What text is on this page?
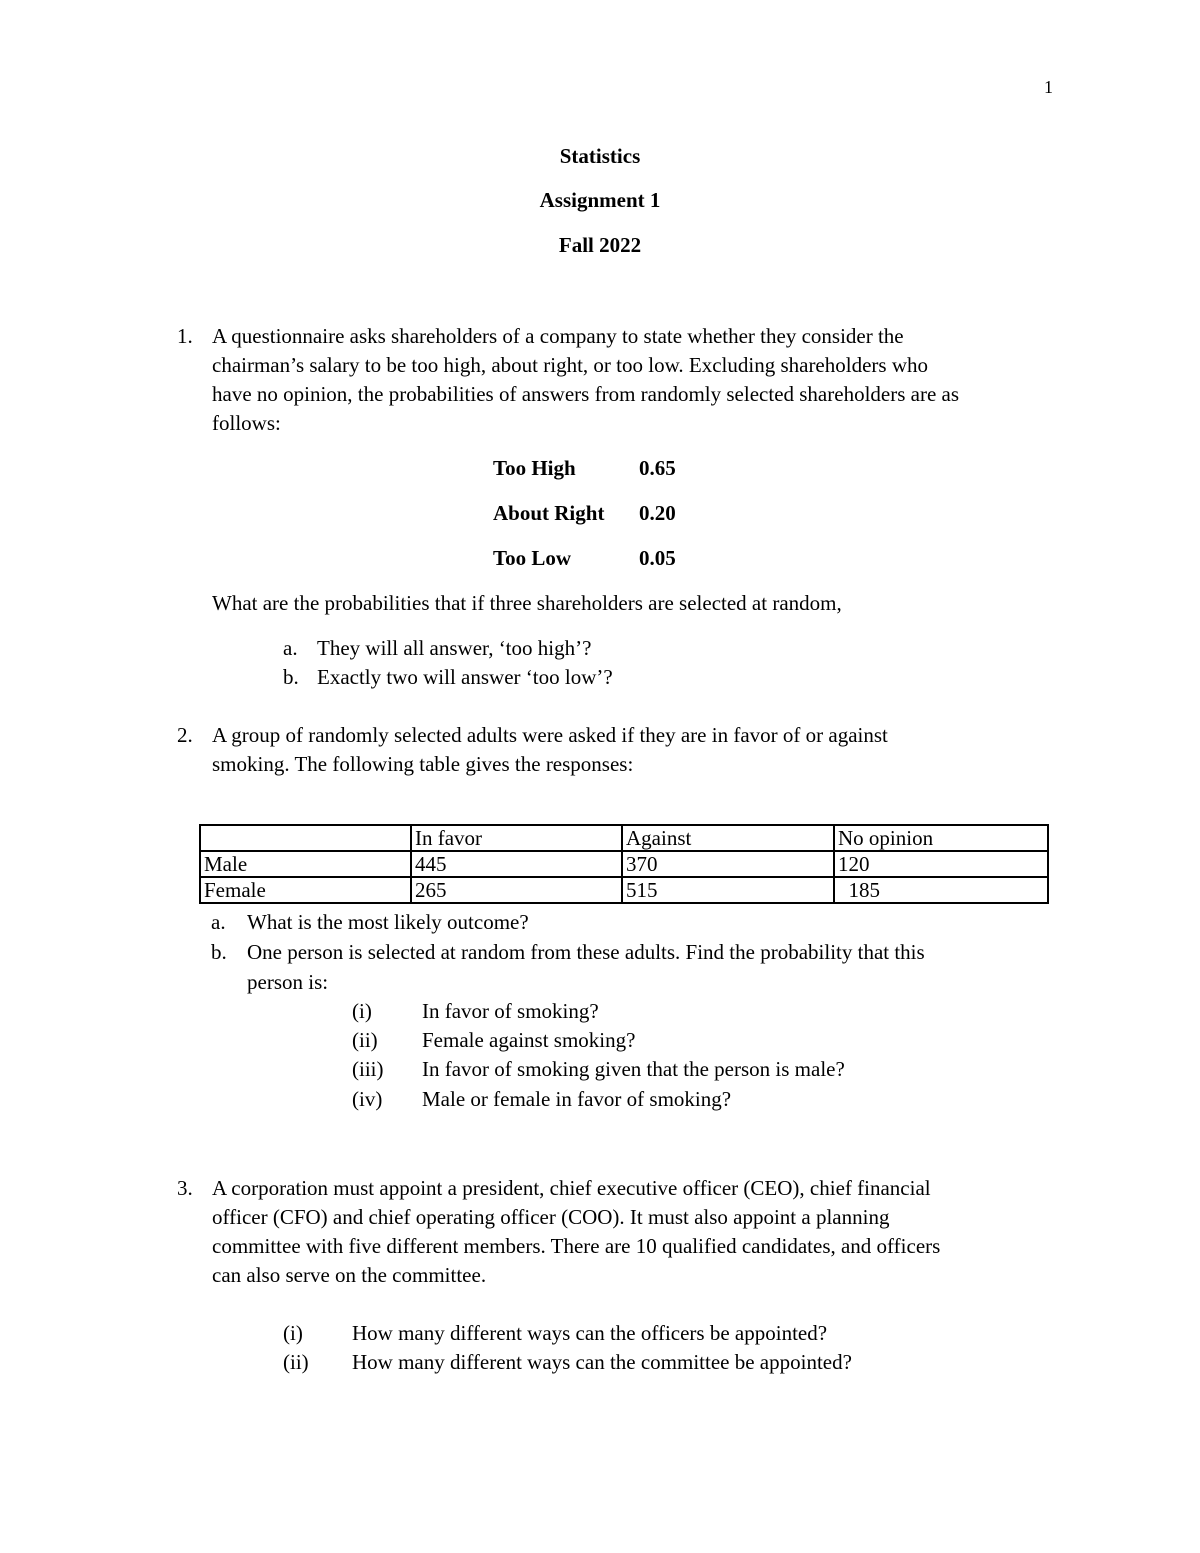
1
Statistics
Assignment 1
Fall 2022
1. A questionnaire asks shareholders of a company to state whether they consider the
chairman’s salary to be too high, about right, or too low. Excluding shareholders who
have no opinion, the probabilities of answers from randomly selected shareholders are as
follows:
Too High	0.65
About Right	0.20
Too Low	0.05
What are the probabilities that if three shareholders are selected at random,
a. They will all answer, ‘too high’?
b. Exactly two will answer ‘too low’?
2. A group of randomly selected adults were asked if they are in favor of or against
smoking. The following table gives the responses:
	In favor	Against	No opinion
Male	445	370	120
Female	265	515	185
a. What is the most likely outcome?
b. One person is selected at random from these adults. Find the probability that this
person is:
(i) In favor of smoking?
(ii) Female against smoking?
(iii) In favor of smoking given that the person is male?
(iv) Male or female in favor of smoking?
3. A corporation must appoint a president, chief executive officer (CEO), chief financial
officer (CFO) and chief operating officer (COO). It must also appoint a planning
committee with five different members. There are 10 qualified candidates, and officers
can also serve on the committee.
(i) How many different ways can the officers be appointed?
(ii) How many different ways can the committee be appointed?
